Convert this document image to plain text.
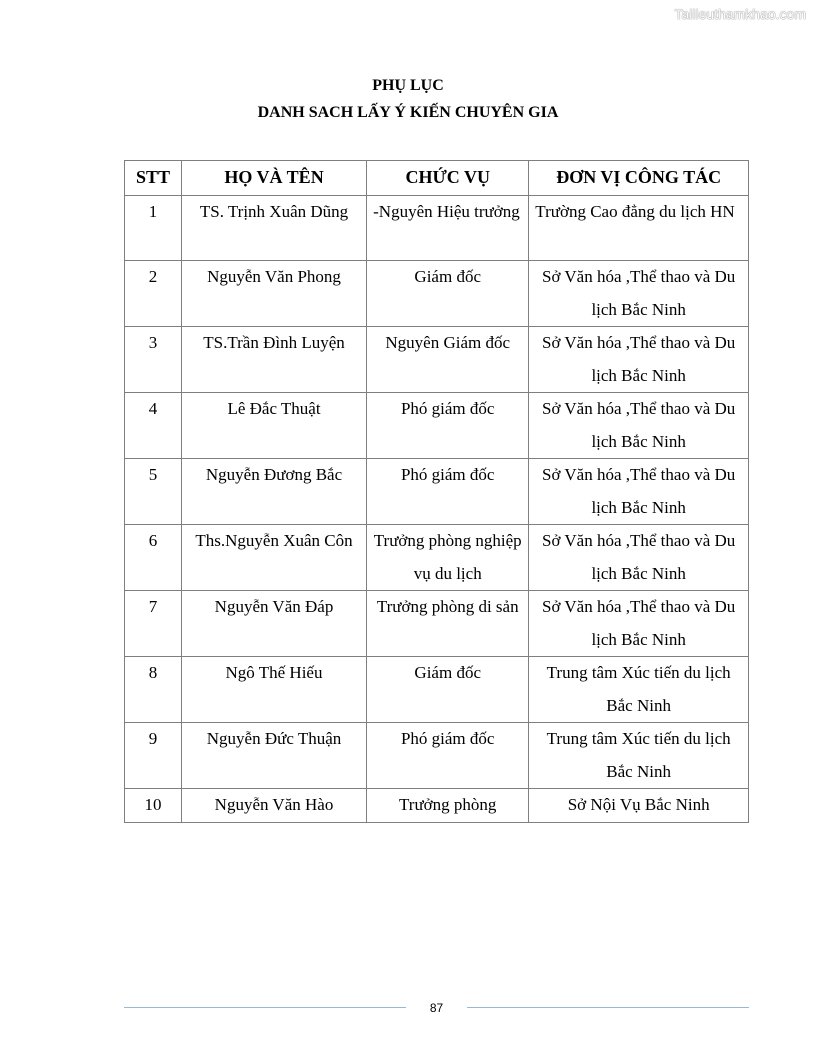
Tailieuthamkhao.com
PHỤ LỤC
DANH SACH LẤY Ý KIẾN CHUYÊN GIA
STT	HỌ VÀ TÊN	CHỨC VỤ	ĐƠN VỊ CÔNG TÁC
1	TS. Trịnh Xuân Dũng	-Nguyên Hiệu trưởng	Trường Cao đẳng du lịch HN
2	Nguyễn Văn Phong	Giám đốc	Sở Văn hóa ,Thể thao và Du lịch Bắc Ninh
3	TS.Trần Đình Luyện	Nguyên Giám đốc	Sở Văn hóa ,Thể thao và Du lịch Bắc Ninh
4	Lê Đắc Thuật	Phó giám đốc	Sở Văn hóa ,Thể thao và Du lịch Bắc Ninh
5	Nguyễn Đương Bắc	Phó giám đốc	Sở Văn hóa ,Thể thao và Du lịch Bắc Ninh
6	Ths.Nguyễn Xuân Côn	Trưởng phòng nghiệp vụ du lịch	Sở Văn hóa ,Thể thao và Du lịch Bắc Ninh
7	Nguyễn Văn Đáp	Trưởng phòng di sản	Sở Văn hóa ,Thể thao và Du lịch Bắc Ninh
8	Ngô Thế Hiếu	Giám đốc	Trung tâm Xúc tiến du lịch Bắc Ninh
9	Nguyễn Đức Thuận	Phó giám đốc	Trung tâm Xúc tiến du lịch Bắc Ninh
10	Nguyễn Văn Hào	Trưởng phòng	Sở Nội Vụ Bắc Ninh
87
